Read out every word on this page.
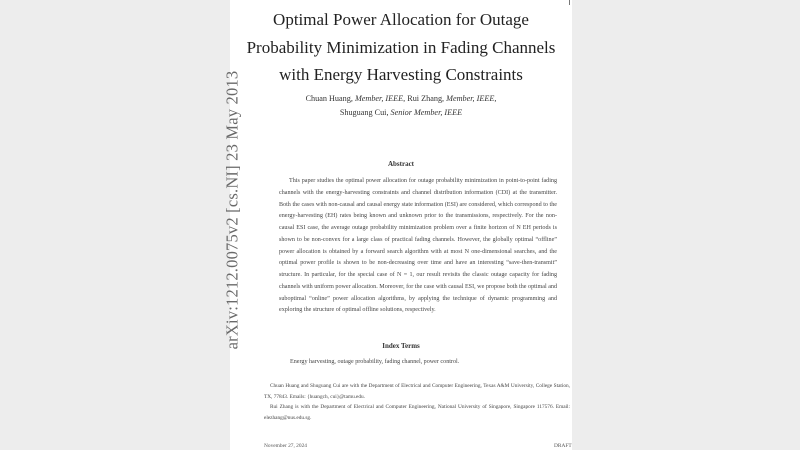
arXiv:1212.0075v2 [cs.NI] 23 May 2013
Optimal Power Allocation for Outage
Probability Minimization in Fading Channels
with Energy Harvesting Constraints
Chuan Huang, Member, IEEE, Rui Zhang, Member, IEEE,
Shuguang Cui, Senior Member, IEEE
Abstract

This paper studies the optimal power allocation for outage probability minimization in point-to-point fading channels with the energy-harvesting constraints and channel distribution information (CDI) at the transmitter. Both the cases with non-causal and causal energy state information (ESI) are considered, which correspond to the energy-harvesting (EH) rates being known and unknown prior to the transmissions, respectively. For the non-causal ESI case, the average outage probability minimization problem over a finite horizon of N EH periods is shown to be non-convex for a large class of practical fading channels. However, the globally optimal “offline” power allocation is obtained by a forward search algorithm with at most N one-dimensional searches, and the optimal power profile is shown to be non-decreasing over time and have an interesting “save-then-transmit” structure. In particular, for the special case of N = 1, our result revisits the classic outage capacity for fading channels with uniform power allocation. Moreover, for the case with causal ESI, we propose both the optimal and suboptimal “online” power allocation algorithms, by applying the technique of dynamic programming and exploring the structure of optimal offline solutions, respectively.

Index Terms
Energy harvesting, outage probability, fading channel, power control.

Chuan Huang and Shuguang Cui are with the Department of Electrical and Computer Engineering, Texas A&M University, College Station, TX, 77843. Emails: {huangch, cui}@tamu.edu.

Rui Zhang is with the Department of Electrical and Computer Engineering, National University of Singapore, Singapore 117576. Email: elezhang@nus.edu.sg.

November 27, 2024	DRAFT
